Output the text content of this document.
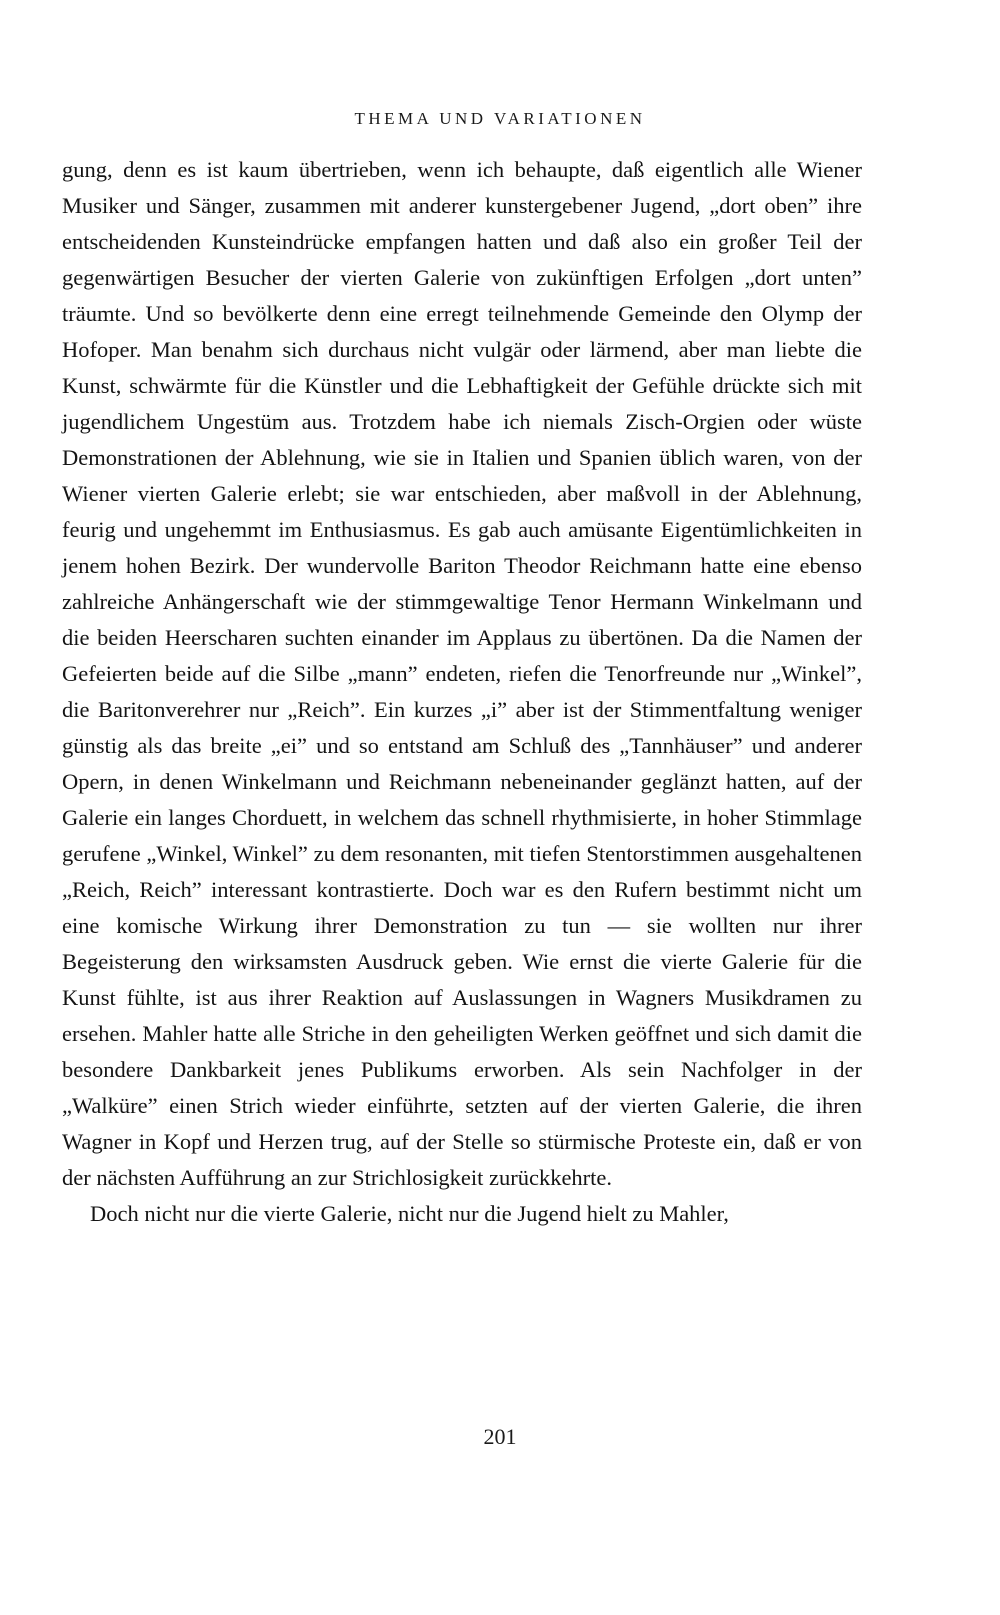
THEMA UND VARIATIONEN

gung, denn es ist kaum übertrieben, wenn ich behaupte, daß eigentlich alle Wiener Musiker und Sänger, zusammen mit anderer kunstergebener Jugend, „dort oben” ihre entscheidenden Kunsteindrücke empfangen hatten und daß also ein großer Teil der gegenwärtigen Besucher der vierten Galerie von zukünftigen Erfolgen „dort unten” träumte. Und so bevölkerte denn eine erregt teilnehmende Gemeinde den Olymp der Hofoper. Man benahm sich durchaus nicht vulgär oder lärmend, aber man liebte die Kunst, schwärmte für die Künstler und die Lebhaftigkeit der Gefühle drückte sich mit jugendlichem Ungestüm aus. Trotzdem habe ich niemals Zisch-Orgien oder wüste Demonstrationen der Ablehnung, wie sie in Italien und Spanien üblich waren, von der Wiener vierten Galerie erlebt; sie war entschieden, aber maßvoll in der Ablehnung, feurig und ungehemmt im Enthusiasmus. Es gab auch amüsante Eigentümlichkeiten in jenem hohen Bezirk. Der wundervolle Bariton Theodor Reichmann hatte eine ebenso zahlreiche Anhängerschaft wie der stimmgewaltige Tenor Hermann Winkelmann und die beiden Heerscharen suchten einander im Applaus zu übertönen. Da die Namen der Gefeierten beide auf die Silbe „mann” endeten, riefen die Tenorfreunde nur „Winkel”, die Baritonverehrer nur „Reich”. Ein kurzes „i” aber ist der Stimmentfaltung weniger günstig als das breite „ei” und so entstand am Schluß des „Tannhäuser” und anderer Opern, in denen Winkelmann und Reichmann nebeneinander geglänzt hatten, auf der Galerie ein langes Chorduett, in welchem das schnell rhythmisierte, in hoher Stimmlage gerufene „Winkel, Winkel” zu dem resonanten, mit tiefen Stentorstimmen ausgehaltenen „Reich, Reich” interessant kontrastierte. Doch war es den Rufern bestimmt nicht um eine komische Wirkung ihrer Demonstration zu tun — sie wollten nur ihrer Begeisterung den wirksamsten Ausdruck geben. Wie ernst die vierte Galerie für die Kunst fühlte, ist aus ihrer Reaktion auf Auslassungen in Wagners Musikdramen zu ersehen. Mahler hatte alle Striche in den geheiligten Werken geöffnet und sich damit die besondere Dankbarkeit jenes Publikums erworben. Als sein Nachfolger in der „Walküre” einen Strich wieder einführte, setzten auf der vierten Galerie, die ihren Wagner in Kopf und Herzen trug, auf der Stelle so stürmische Proteste ein, daß er von der nächsten Aufführung an zur Strichlosigkeit zurückkehrte.

Doch nicht nur die vierte Galerie, nicht nur die Jugend hielt zu Mahler,

201
